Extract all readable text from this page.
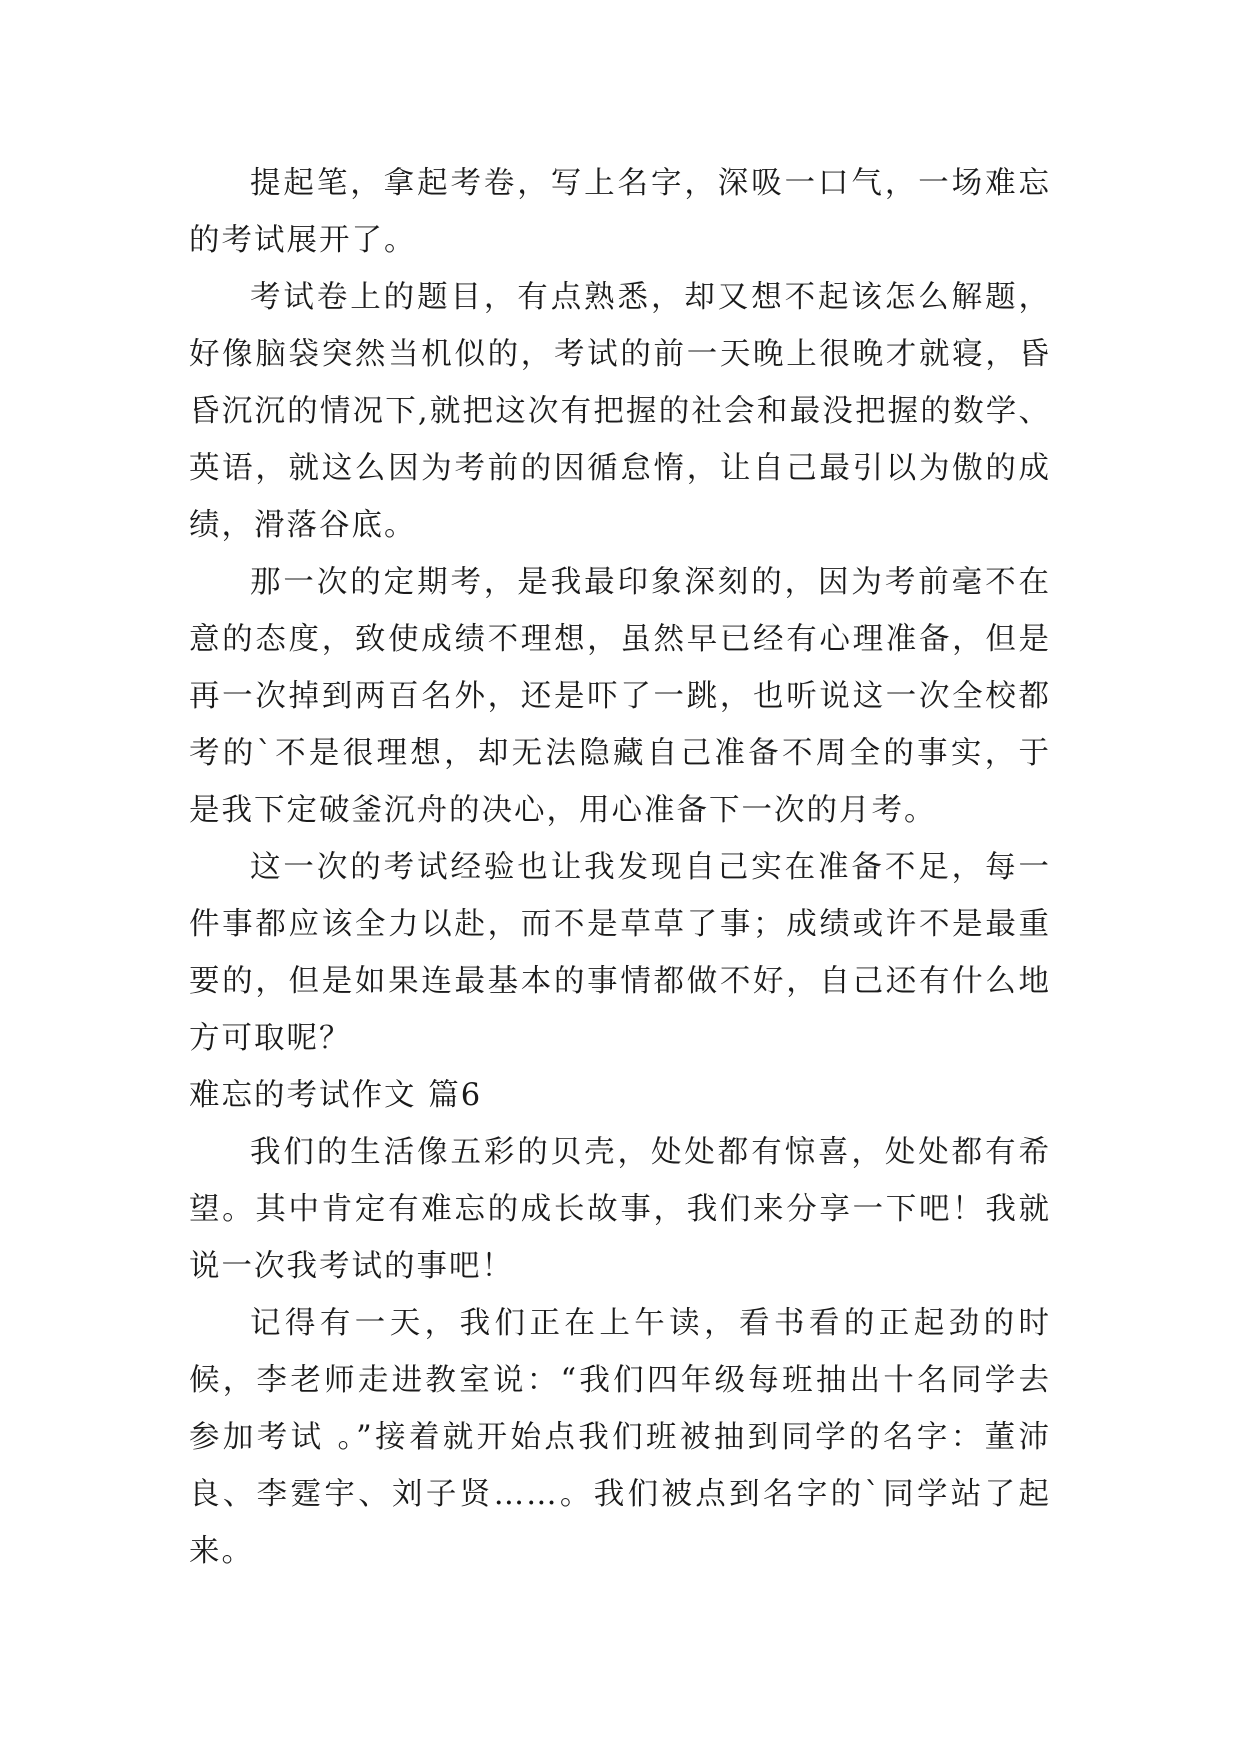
提起笔，拿起考卷，写上名字，深吸一口气，一场难忘的考试展开了。

考试卷上的题目，有点熟悉，却又想不起该怎么解题，好像脑袋突然当机似的，考试的前一天晚上很晚才就寝，昏昏沉沉的情况下,就把这次有把握的社会和最没把握的数学、英语，就这么因为考前的因循怠惰，让自己最引以为傲的成绩，滑落谷底。

那一次的定期考，是我最印象深刻的，因为考前毫不在意的态度，致使成绩不理想，虽然早已经有心理准备，但是再一次掉到两百名外，还是吓了一跳，也听说这一次全校都考的`不是很理想，却无法隐藏自己准备不周全的事实，于是我下定破釜沉舟的决心，用心准备下一次的月考。

这一次的考试经验也让我发现自己实在准备不足，每一件事都应该全力以赴，而不是草草了事；成绩或许不是最重要的，但是如果连最基本的事情都做不好，自己还有什么地方可取呢？

难忘的考试作文 篇6

我们的生活像五彩的贝壳，处处都有惊喜，处处都有希望。其中肯定有难忘的成长故事，我们来分享一下吧！我就说一次我考试的事吧！

记得有一天，我们正在上午读，看书看的正起劲的时候，李老师走进教室说：“我们四年级每班抽出十名同学去参加考试 。”接着就开始点我们班被抽到同学的名字：董沛良、李霆宇、刘子贤……。我们被点到名字的`同学站了起来。
